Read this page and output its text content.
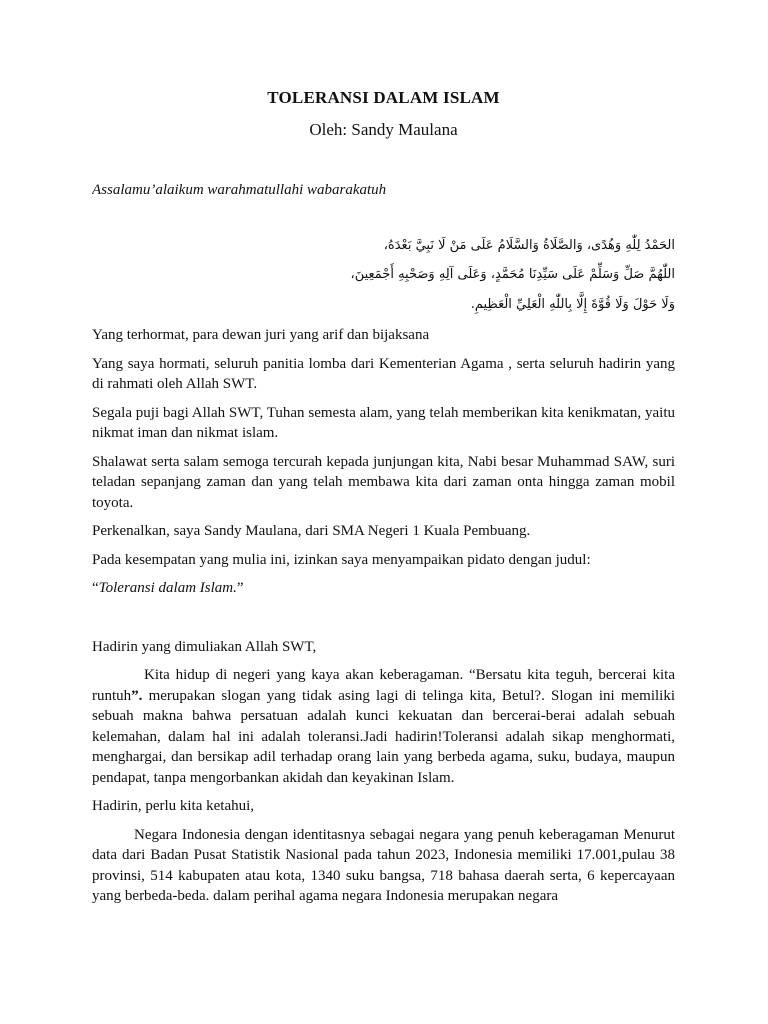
TOLERANSI DALAM ISLAM
Oleh: Sandy Maulana
Assalamu’alaikum warahmatullahi wabarakatuh
الحَمْدُ لِلّٰهِ وَهُدًى، وَالصَّلَاةُ وَالسَّلَامُ عَلَى مَنْ لَا نَبِيَّ بَعْدَهُ،
اللّٰهُمَّ صَلِّ وَسَلِّمْ عَلَى سَيِّدِنَا مُحَمَّدٍ، وَعَلَى آلِهِ وَصَحْبِهِ أَجْمَعِينَ،
وَلَا حَوْلَ وَلَا قُوَّةَ إِلَّا بِاللّٰهِ الْعَلِيِّ الْعَظِيمِ.

Yang terhormat, para dewan juri yang arif dan bijaksana

Yang saya hormati, seluruh panitia lomba dari Kementerian Agama , serta seluruh hadirin yang di rahmati oleh Allah SWT.

Segala puji bagi Allah SWT, Tuhan semesta alam, yang telah memberikan kita kenikmatan, yaitu nikmat iman dan nikmat islam.

Shalawat serta salam semoga tercurah kepada junjungan kita, Nabi besar Muhammad SAW, suri teladan sepanjang zaman dan yang telah membawa kita dari zaman onta hingga zaman mobil toyota.

Perkenalkan, saya Sandy Maulana, dari SMA Negeri 1 Kuala Pembuang.

Pada kesempatan yang mulia ini, izinkan saya menyampaikan pidato dengan judul:

“Toleransi dalam Islam.”

Hadirin yang dimuliakan Allah SWT,

Kita hidup di negeri yang kaya akan keberagaman. “Bersatu kita teguh, bercerai kita runtuh”. merupakan slogan yang tidak asing lagi di telinga kita, Betul?. Slogan ini memiliki sebuah makna bahwa persatuan adalah kunci kekuatan dan bercerai-berai adalah sebuah kelemahan, dalam hal ini adalah toleransi.Jadi hadirin!Toleransi adalah sikap menghormati, menghargai, dan bersikap adil terhadap orang lain yang berbeda agama, suku, budaya, maupun pendapat, tanpa mengorbankan akidah dan keyakinan Islam.

Hadirin, perlu kita ketahui,

Negara Indonesia dengan identitasnya sebagai negara yang penuh keberagaman Menurut data dari Badan Pusat Statistik Nasional pada tahun 2023, Indonesia memiliki 17.001,pulau 38 provinsi, 514 kabupaten atau kota, 1340 suku bangsa, 718 bahasa daerah serta, 6 kepercayaan yang berbeda-beda. dalam perihal agama negara Indonesia merupakan negara
